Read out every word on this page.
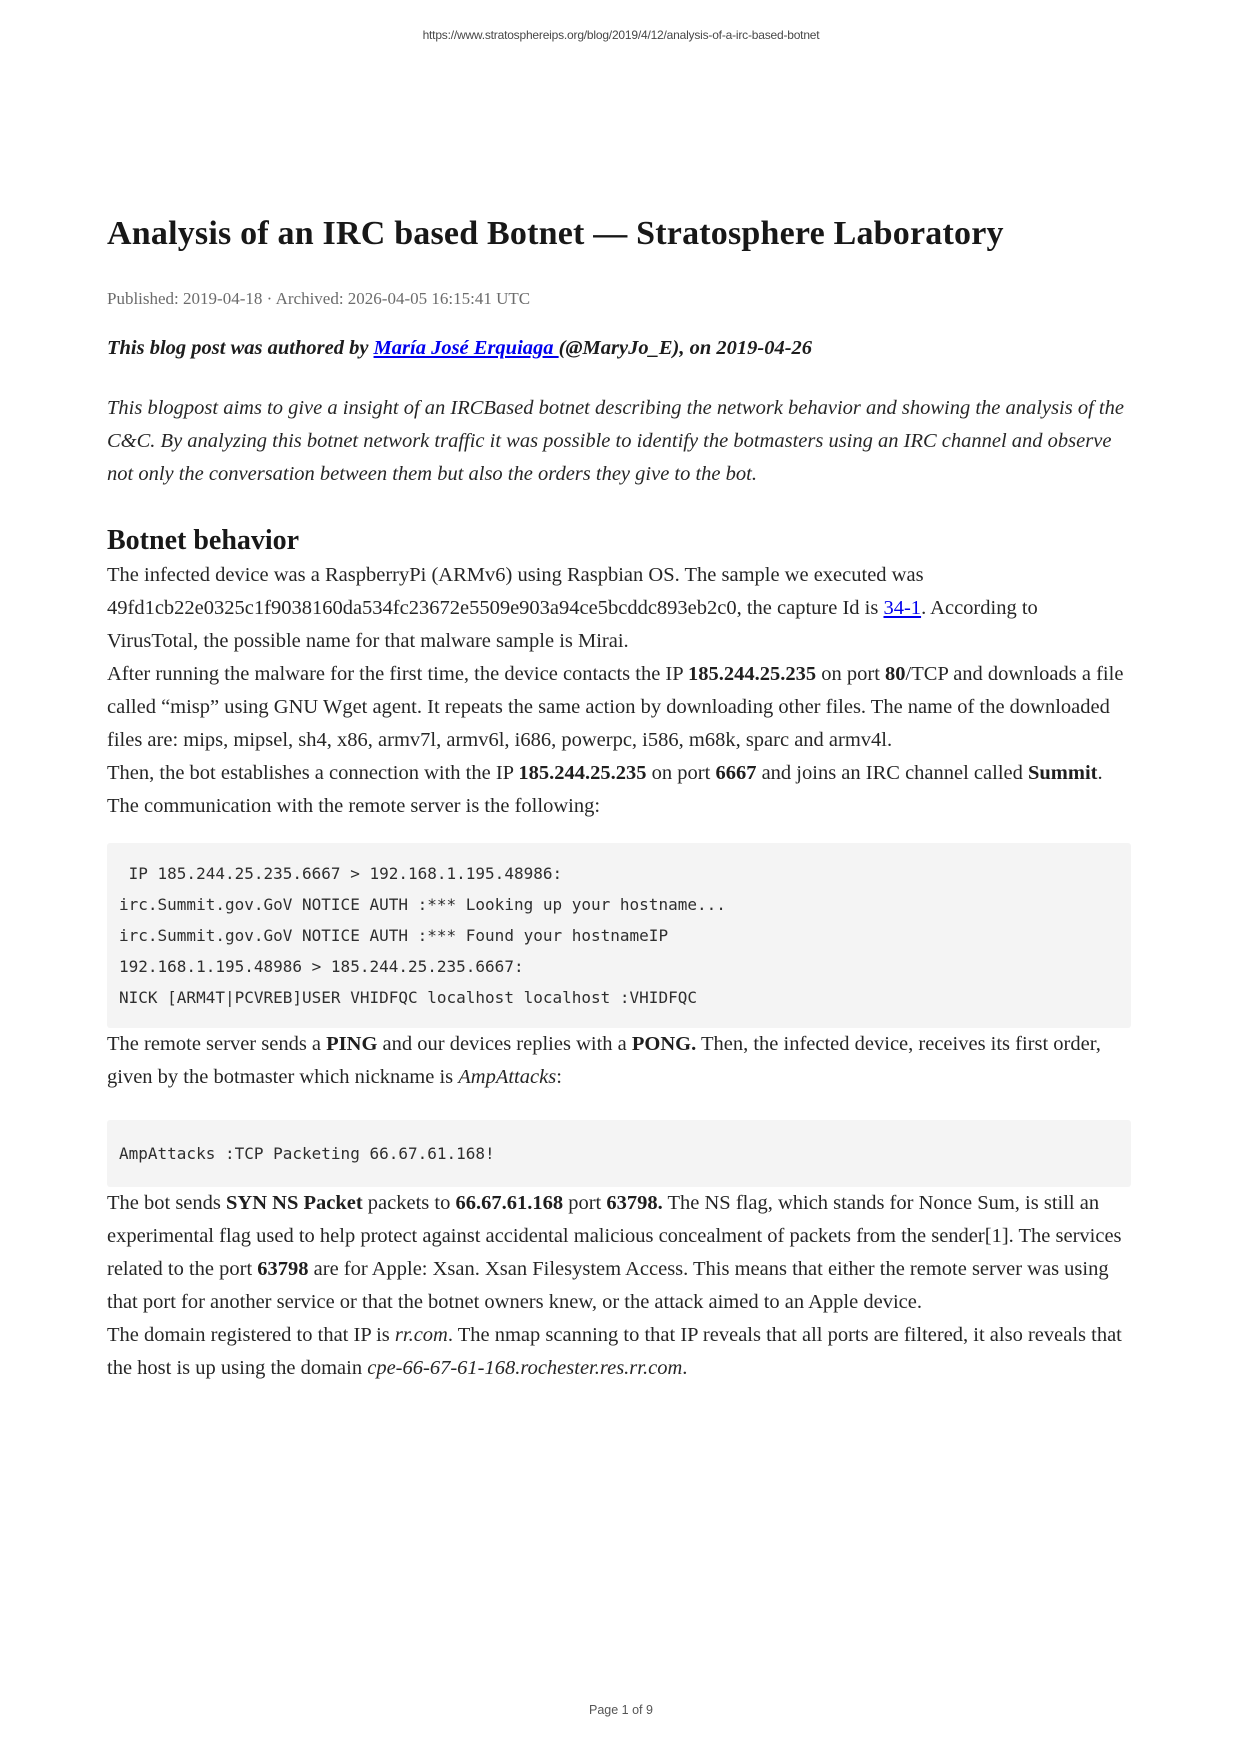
https://www.stratosphereips.org/blog/2019/4/12/analysis-of-a-irc-based-botnet
Analysis of an IRC based Botnet — Stratosphere Laboratory

Published: 2019-04-18 · Archived: 2026-04-05 16:15:41 UTC

This blog post was authored by María José Erquiaga (@MaryJo_E), on 2019-04-26

This blogpost aims to give a insight of an IRCBased botnet describing the network behavior and showing the analysis of the C&C. By analyzing this botnet network traffic it was possible to identify the botmasters using an IRC channel and observe not only the conversation between them but also the orders they give to the bot.

Botnet behavior

The infected device was a RaspberryPi (ARMv6) using Raspbian OS. The sample we executed was 49fd1cb22e0325c1f9038160da534fc23672e5509e903a94ce5bcddc893eb2c0, the capture Id is 34-1. According to VirusTotal, the possible name for that malware sample is Mirai.

After running the malware for the first time, the device contacts the IP 185.244.25.235 on port 80/TCP and downloads a file called “misp” using GNU Wget agent. It repeats the same action by downloading other files. The name of the downloaded files are: mips, mipsel, sh4, x86, armv7l, armv6l, i686, powerpc, i586, m68k, sparc and armv4l.

Then, the bot establishes a connection with the IP 185.244.25.235 on port 6667 and joins an IRC channel called Summit. The communication with the remote server is the following:

IP 185.244.25.235.6667 > 192.168.1.195.48986:
irc.Summit.gov.GoV NOTICE AUTH :*** Looking up your hostname...
irc.Summit.gov.GoV NOTICE AUTH :*** Found your hostnameIP
192.168.1.195.48986 > 185.244.25.235.6667:
NICK [ARM4T|PCVREB]USER VHIDFQC localhost localhost :VHIDFQC

The remote server sends a PING and our devices replies with a PONG. Then, the infected device, receives its first order, given by the botmaster which nickname is AmpAttacks:

AmpAttacks :TCP Packeting 66.67.61.168!

The bot sends SYN NS Packet packets to 66.67.61.168 port 63798. The NS flag, which stands for Nonce Sum, is still an experimental flag used to help protect against accidental malicious concealment of packets from the sender[1]. The services related to the port 63798 are for Apple: Xsan. Xsan Filesystem Access. This means that either the remote server was using that port for another service or that the botnet owners knew, or the attack aimed to an Apple device.

The domain registered to that IP is rr.com. The nmap scanning to that IP reveals that all ports are filtered, it also reveals that the host is up using the domain cpe-66-67-61-168.rochester.res.rr.com.

Page 1 of 9
